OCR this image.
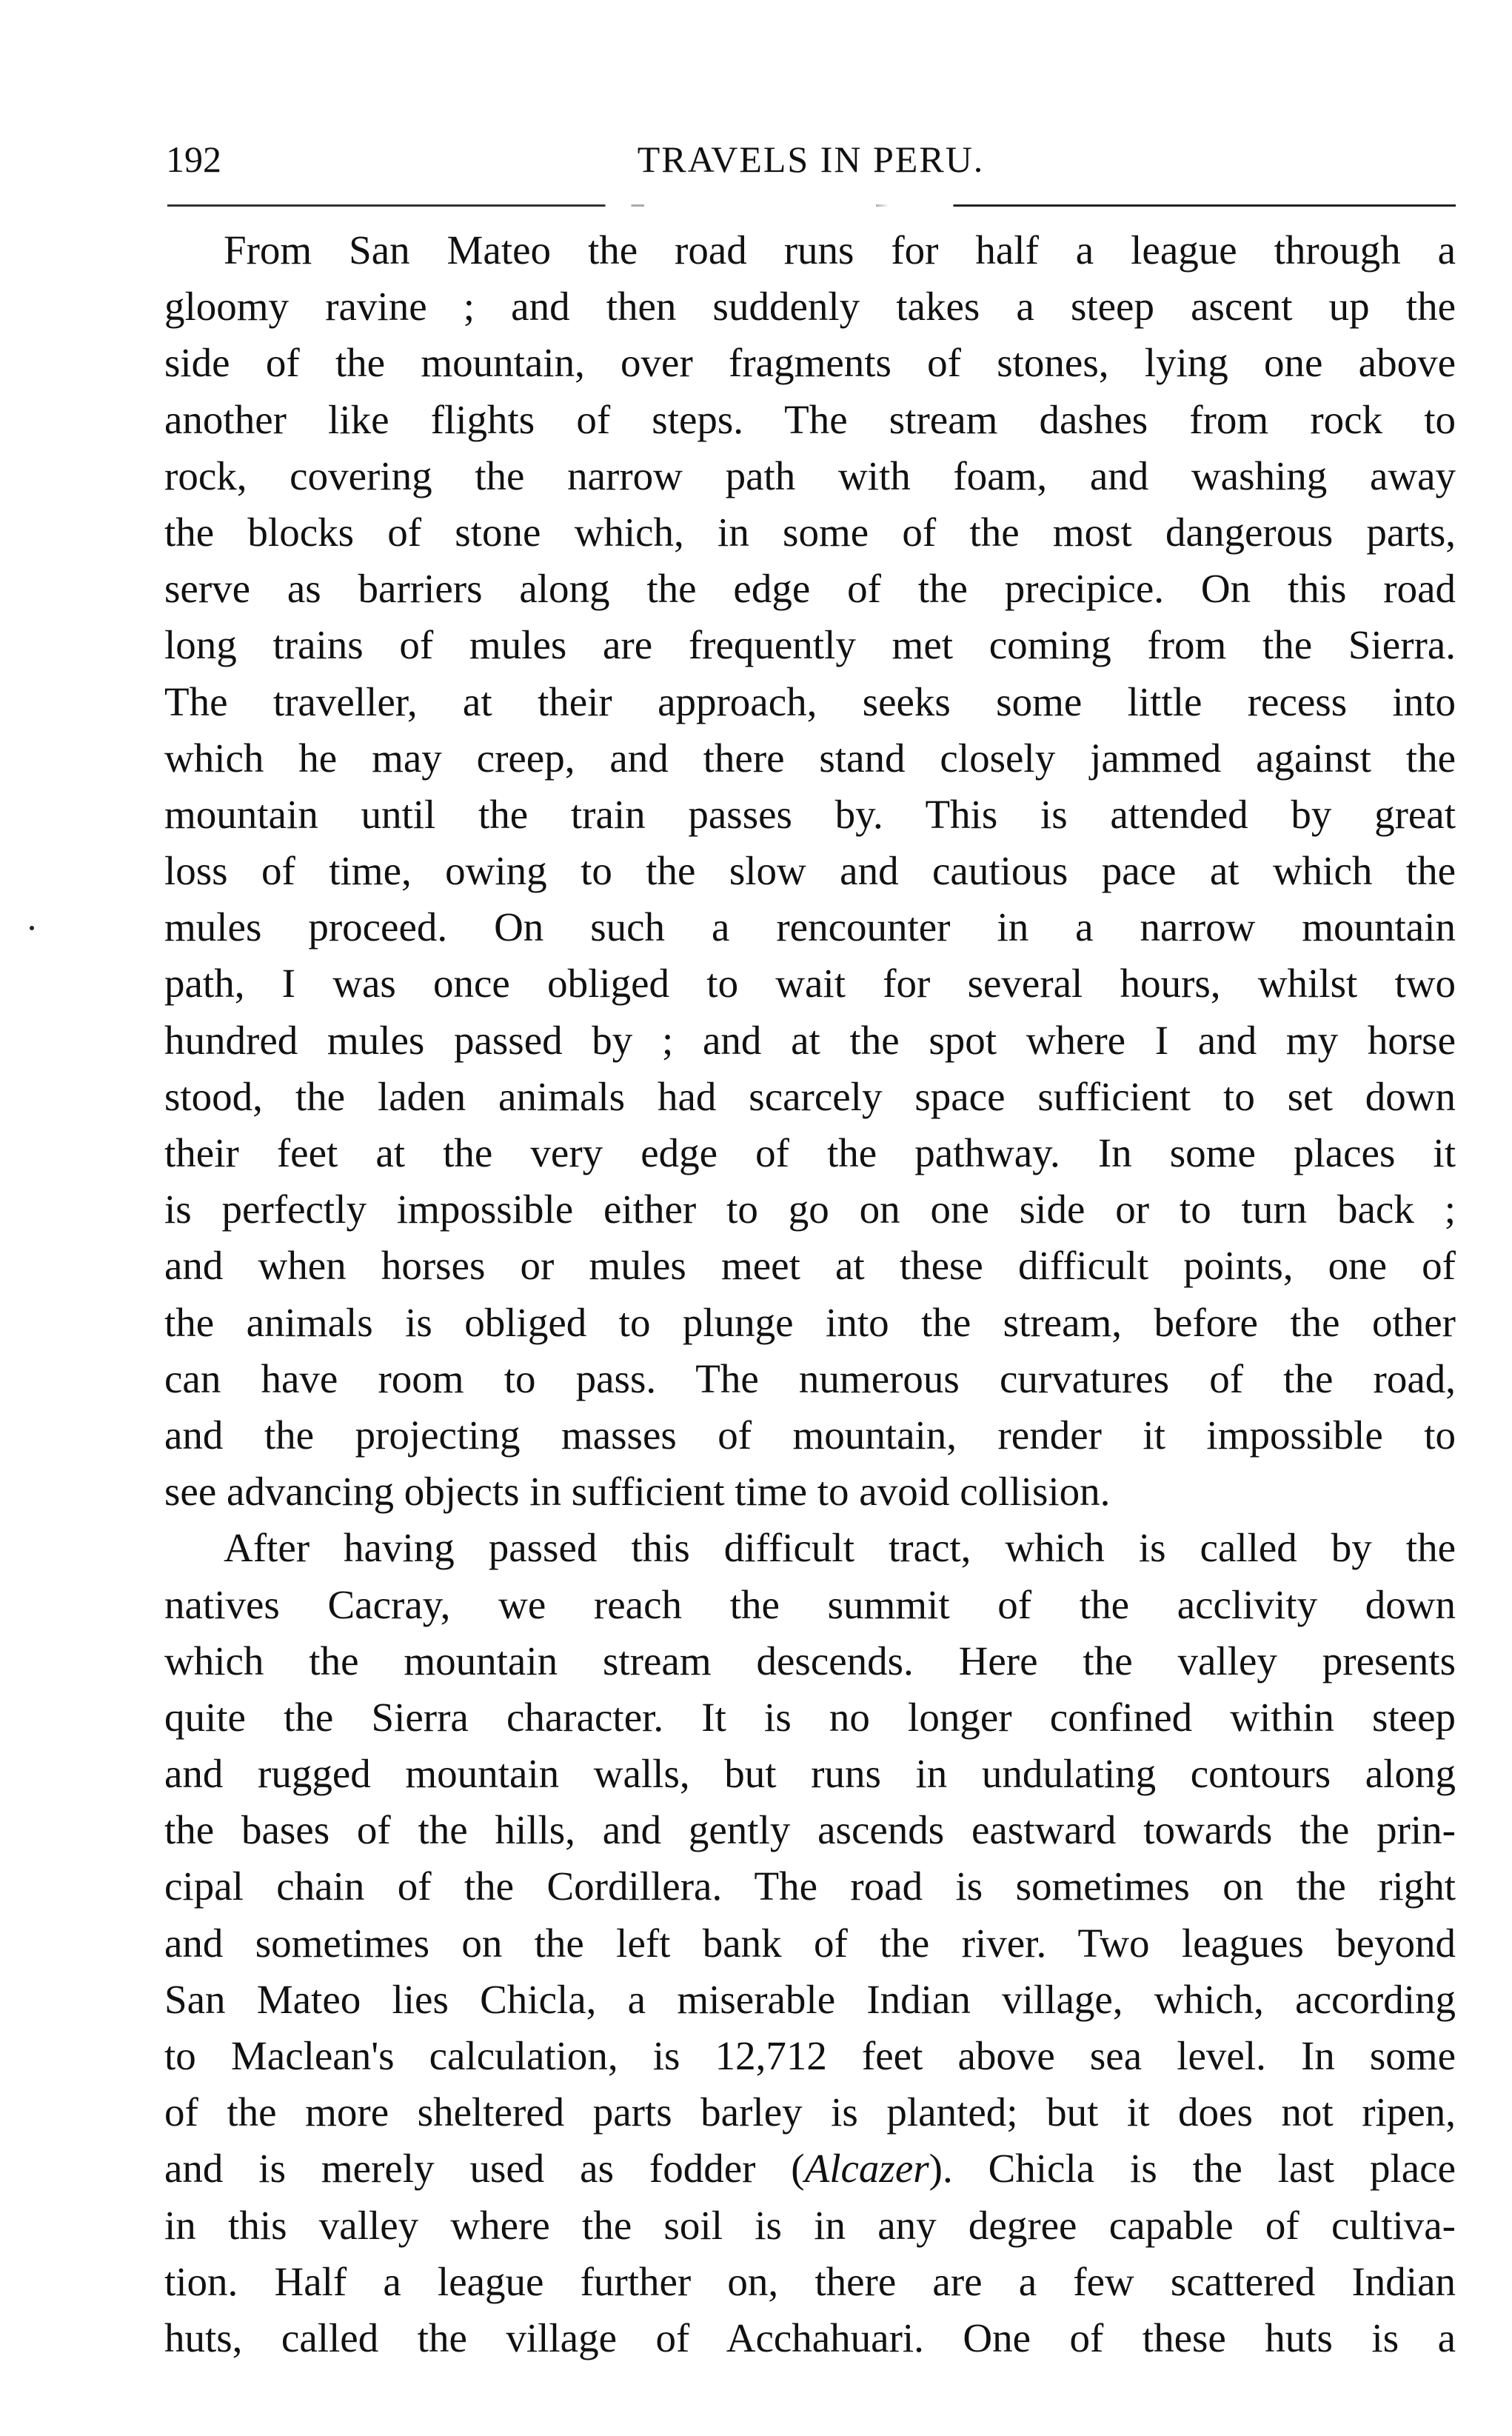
192	TRAVELS IN PERU.
From San Mateo the road runs for half a league through a
gloomy ravine ; and then suddenly takes a steep ascent up the
side of the mountain, over fragments of stones, lying one above
another like flights of steps. The stream dashes from rock to
rock, covering the narrow path with foam, and washing away
the blocks of stone which, in some of the most dangerous parts,
serve as barriers along the edge of the precipice. On this road
long trains of mules are frequently met coming from the Sierra.
The traveller, at their approach, seeks some little recess into
which he may creep, and there stand closely jammed against the
mountain until the train passes by. This is attended by great
loss of time, owing to the slow and cautious pace at which the
mules proceed. On such a rencounter in a narrow mountain
path, I was once obliged to wait for several hours, whilst two
hundred mules passed by ; and at the spot where I and my horse
stood, the laden animals had scarcely space sufficient to set down
their feet at the very edge of the pathway. In some places it
is perfectly impossible either to go on one side or to turn back ;
and when horses or mules meet at these difficult points, one of
the animals is obliged to plunge into the stream, before the other
can have room to pass. The numerous curvatures of the road,
and the projecting masses of mountain, render it impossible to
see advancing objects in sufficient time to avoid collision.
After having passed this difficult tract, which is called by the
natives Cacray, we reach the summit of the acclivity down
which the mountain stream descends. Here the valley presents
quite the Sierra character. It is no longer confined within steep
and rugged mountain walls, but runs in undulating contours along
the bases of the hills, and gently ascends eastward towards the prin-
cipal chain of the Cordillera. The road is sometimes on the right
and sometimes on the left bank of the river. Two leagues beyond
San Mateo lies Chicla, a miserable Indian village, which, according
to Maclean's calculation, is 12,712 feet above sea level. In some
of the more sheltered parts barley is planted; but it does not ripen,
and is merely used as fodder (Alcazer). Chicla is the last place
in this valley where the soil is in any degree capable of cultiva-
tion. Half a league further on, there are a few scattered Indian
huts, called the village of Acchahuari. One of these huts is a
